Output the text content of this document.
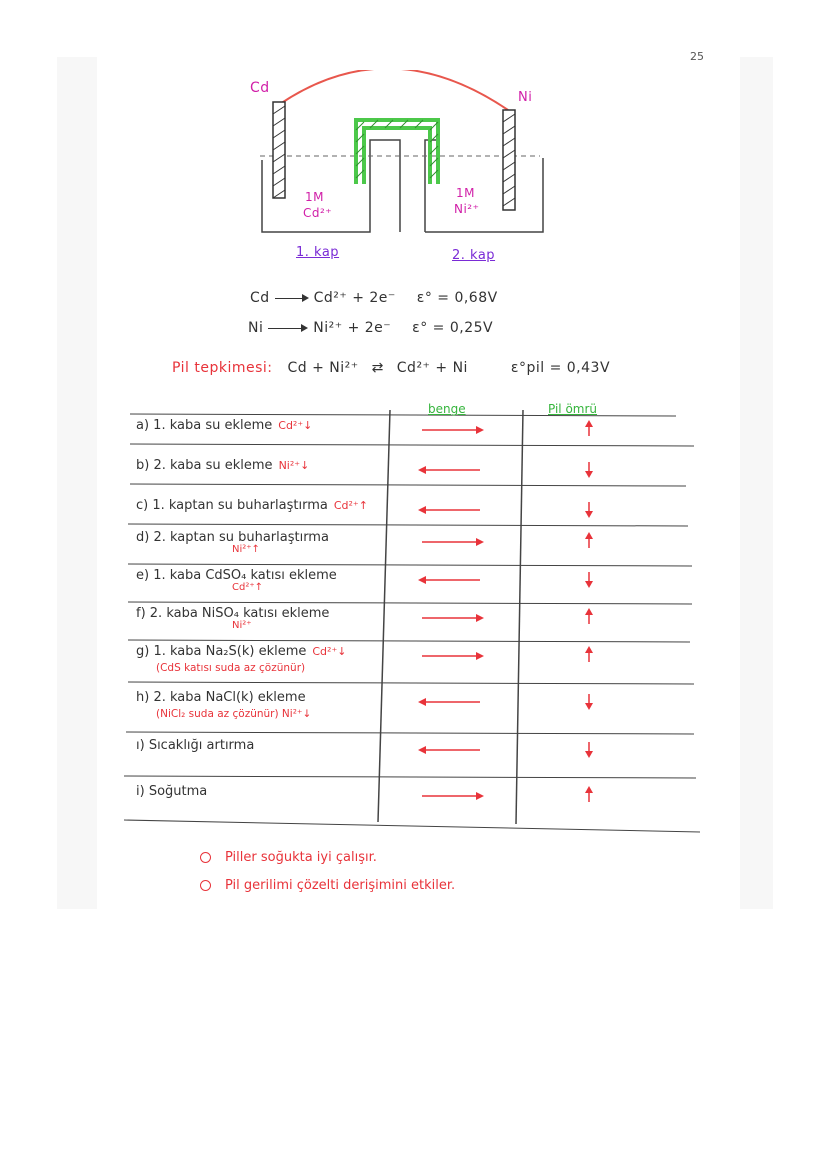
25
Cd
Ni
1M
Cd²⁺
1M
Ni²⁺
1. kap	2. kap
Cd	Cd²⁺ + 2e⁻ ε° = 0,68V
Ni	Ni²⁺ + 2e⁻ ε° = 0,25V
Pil tepkimesi: Cd + Ni²⁺ ⇄ Cd²⁺ + Ni	ε°pil = 0,43V
benge	Pil ömrü
a) 1. kaba su ekleme Cd²⁺↓
b) 2. kaba su ekleme Ni²⁺↓
c) 1. kaptan su buharlaştırma Cd²⁺↑
d) 2. kaptan su buharlaştırma
Ni²⁺↑
e) 1. kaba CdSO₄ katısı ekleme
Cd²⁺↑
f) 2. kaba NiSO₄ katısı ekleme
Ni²⁺
g) 1. kaba Na₂S(k) ekleme Cd²⁺↓
(CdS katısı suda az çözünür)
h) 2. kaba NaCl(k) ekleme
(NiCl₂ suda az çözünür) Ni²⁺↓
ı) Sıcaklığı artırma
i) Soğutma
Piller soğukta iyi çalışır.
Pil gerilimi çözelti derişimini etkiler.
